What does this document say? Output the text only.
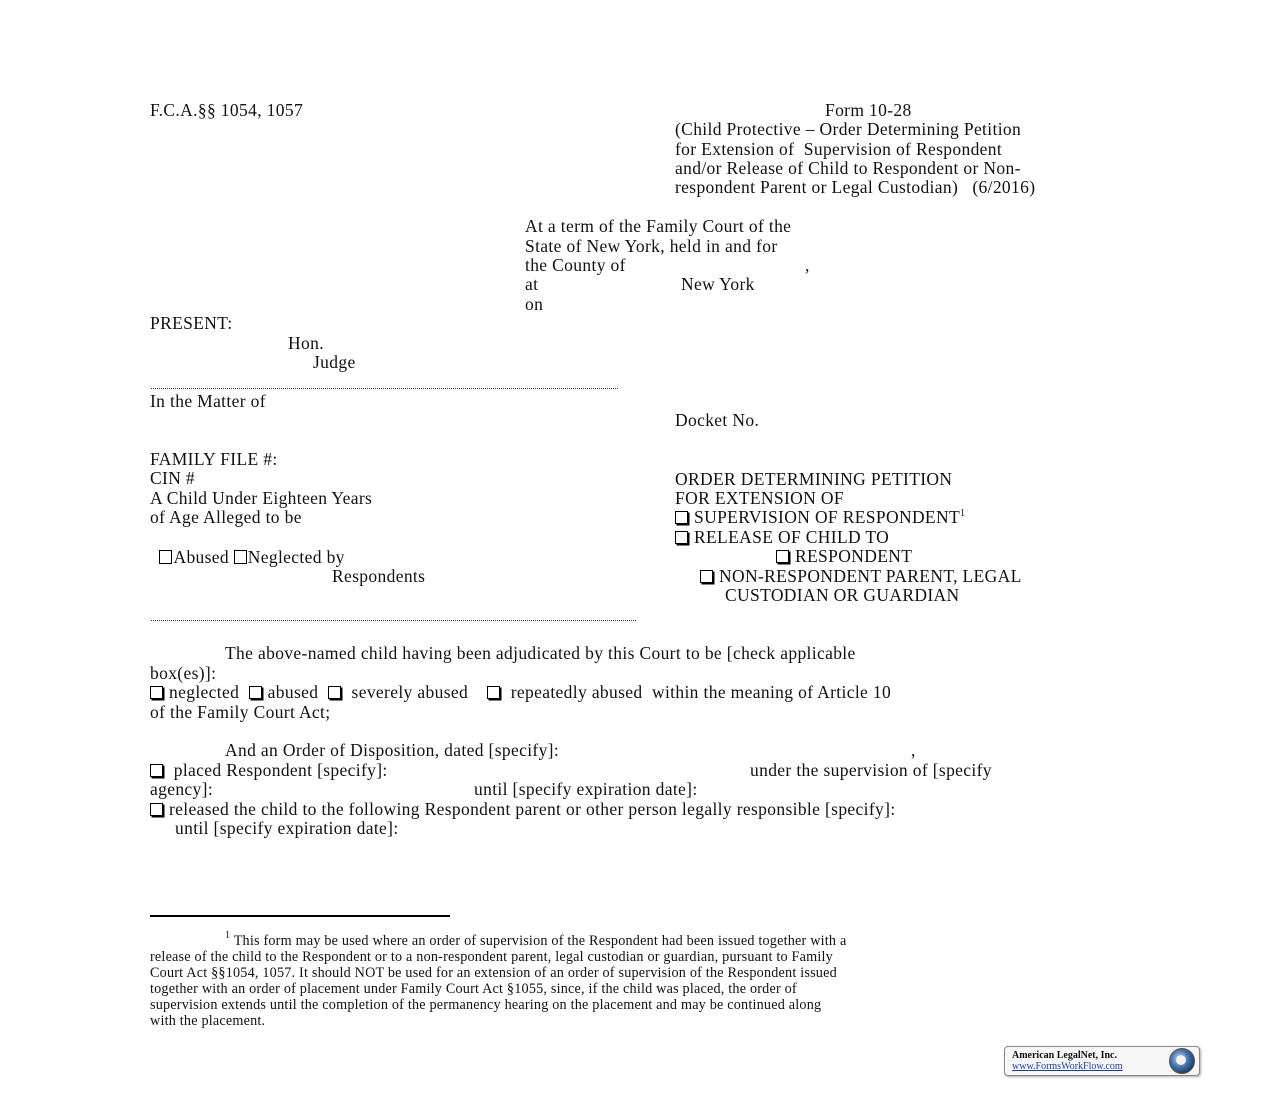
F.C.A.§§ 1054, 1057	Form 10-28
(Child Protective – Order Determining Petition
for Extension of  Supervision of Respondent
and/or Release of Child to Respondent or Non-
respondent Parent or Legal Custodian)   (6/2016)
At a term of the Family Court of the
State of New York, held in and for
the County of	,
at	New York
on
PRESENT:
Hon.
Judge
In the Matter of
Docket No.
FAMILY FILE #:
CIN #
A Child Under Eighteen Years
of Age Alleged to be

Abused Neglected by

Respondents
ORDER DETERMINING PETITION
FOR EXTENSION OF
SUPERVISION OF RESPONDENT$^1$
RELEASE OF CHILD TO
RESPONDENT
NON-RESPONDENT PARENT, LEGAL
CUSTODIAN OR GUARDIAN
The above-named child having been adjudicated by this Court to be [check applicable
box(es)]:
neglected abused severely abused repeatedly abused  within the meaning of Article 10
of the Family Court Act;
And an Order of Disposition, dated [specify]:	,
placed Respondent [specify]:	under the supervision of [specify
agency]:	until [specify expiration date]:
released the child to the following Respondent parent or other person legally responsible [specify]:
until [specify expiration date]:
$^1$ This form may be used where an order of supervision of the Respondent had been issued together with a
release of the child to the Respondent or to a non-respondent parent, legal custodian or guardian, pursuant to Family
Court Act §§1054, 1057. It should NOT be used for an extension of an order of supervision of the Respondent issued
together with an order of placement under Family Court Act §1055, since, if the child was placed, the order of
supervision extends until the completion of the permanency hearing on the placement and may be continued along
with the placement.
American LegalNet, Inc.
www.FormsWorkFlow.com
